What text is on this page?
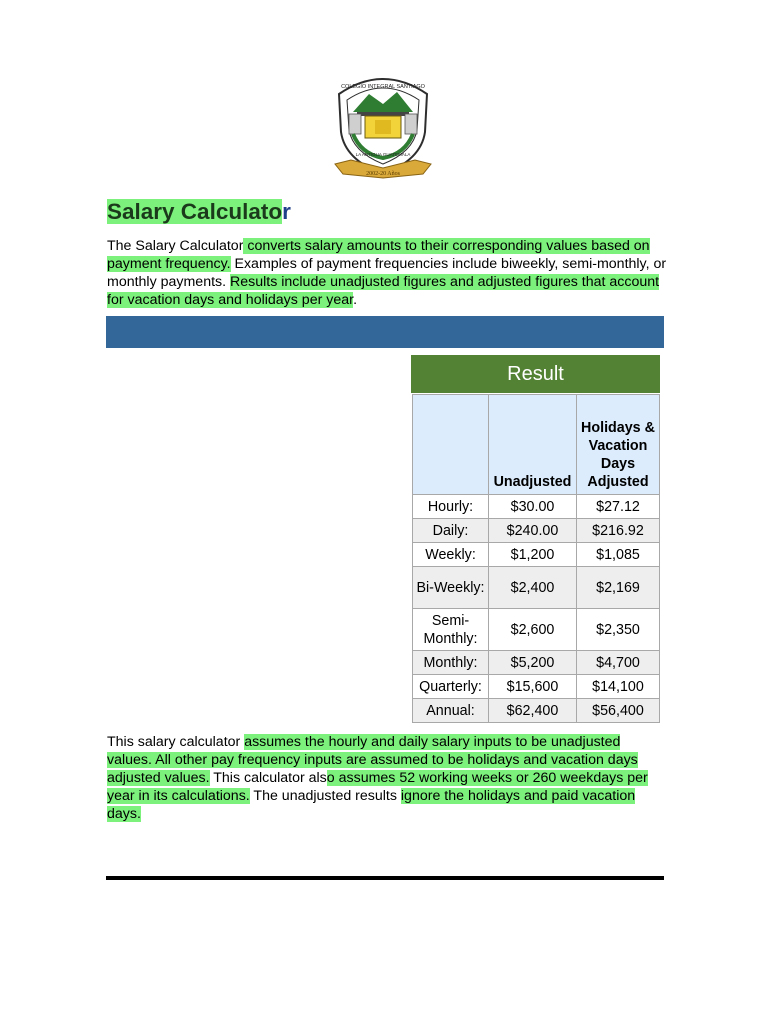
2002-20 Años
COLEGIO INTEGRAL SANTIAGO
LA ANTIGUA GUATEMALA
Salary Calculator

The Salary Calculator converts salary amounts to their corresponding values based on payment frequency. Examples of payment frequencies include biweekly, semi-monthly, or monthly payments. Results include unadjusted figures and adjusted figures that account for vacation days and holidays per year.

Result
	Unadjusted	Holidays & Vacation Days Adjusted
Hourly:	$30.00	$27.12
Daily:	$240.00	$216.92
Weekly:	$1,200	$1,085
Bi-Weekly:	$2,400	$2,169
Semi-Monthly:	$2,600	$2,350
Monthly:	$5,200	$4,700
Quarterly:	$15,600	$14,100
Annual:	$62,400	$56,400

This salary calculator assumes the hourly and daily salary inputs to be unadjusted values. All other pay frequency inputs are assumed to be holidays and vacation days adjusted values. This calculator also assumes 52 working weeks or 260 weekdays per year in its calculations. The unadjusted results ignore the holidays and paid vacation days.
